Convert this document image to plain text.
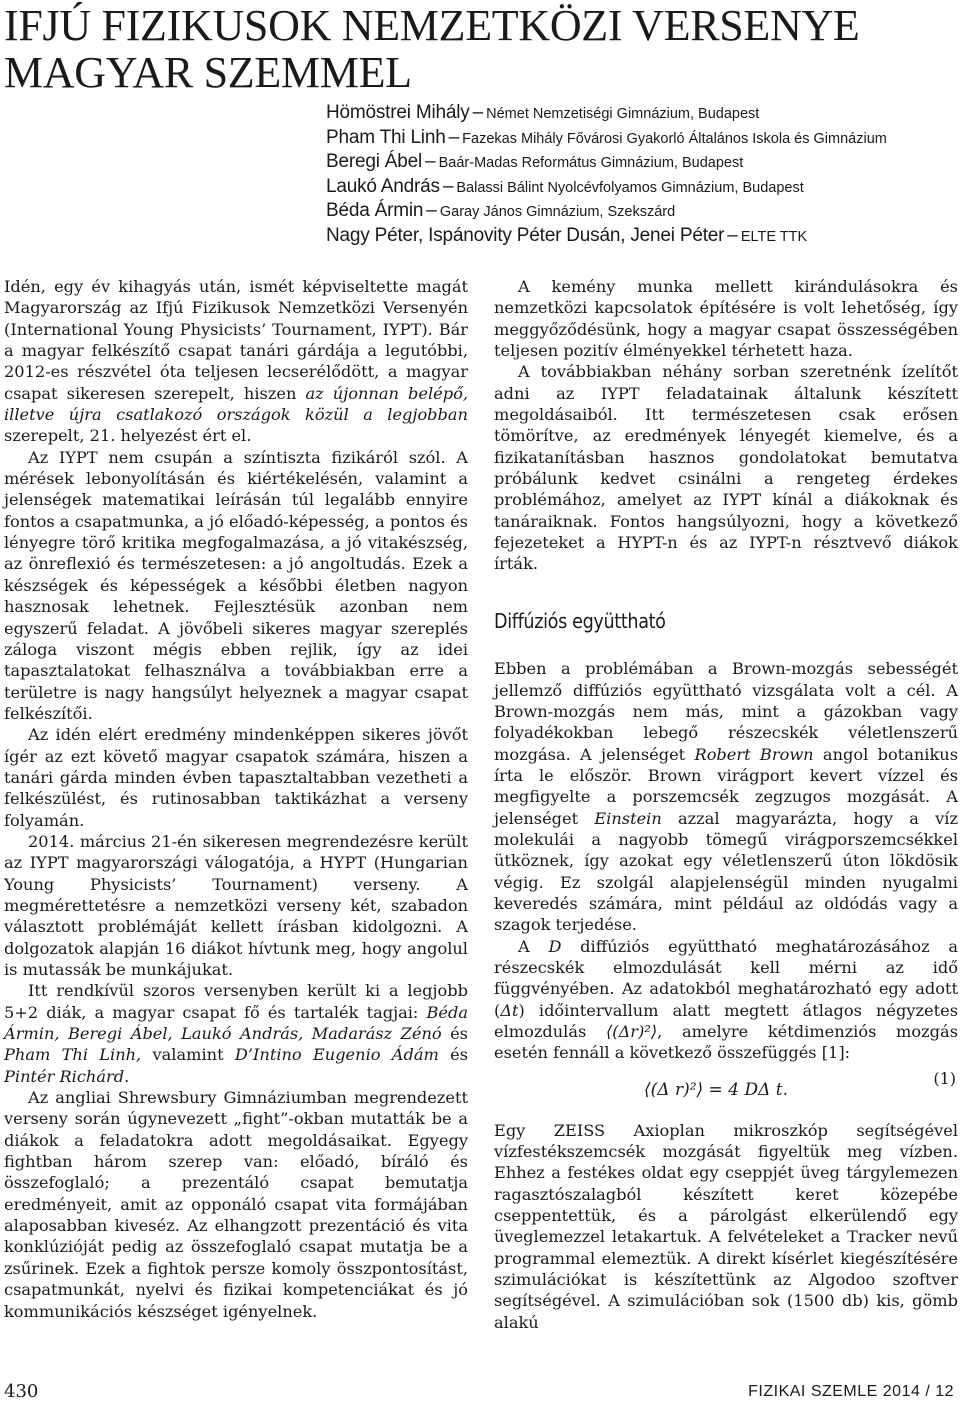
IFJÚ FIZIKUSOK NEMZETKÖZI VERSENYE
MAGYAR SZEMMEL
Hömöstrei Mihály – Német Nemzetiségi Gimnázium, Budapest
Pham Thi Linh – Fazekas Mihály Fővárosi Gyakorló Általános Iskola és Gimnázium
Beregi Ábel – Baár-Madas Református Gimnázium, Budapest
Laukó András – Balassi Bálint Nyolcévfolyamos Gimnázium, Budapest
Béda Ármin – Garay János Gimnázium, Szekszárd
Nagy Péter, Ispánovity Péter Dusán, Jenei Péter – ELTE TTK

Idén, egy év kihagyás után, ismét képviseltette magát Magyarország az Ifjú Fizikusok Nemzetközi Versenyén (International Young Physicists’ Tournament, IYPT). Bár a magyar felkészítő csapat tanári gárdája a legutóbbi, 2012-es részvétel óta teljesen lecserélődött, a magyar csapat sikeresen szerepelt, hiszen az újonnan belépő, illetve újra csatlakozó országok közül a legjobban szerepelt, 21. helyezést ért el.

Az IYPT nem csupán a színtiszta fizikáról szól. A mérések lebonyolításán és kiértékelésén, valamint a jelenségek matematikai leírásán túl legalább ennyire fontos a csapatmunka, a jó előadó-képesség, a pontos és lényegre törő kritika megfogalmazása, a jó vitakészség, az önreflexió és természetesen: a jó angoltudás. Ezek a készségek és képességek a későbbi életben nagyon hasznosak lehetnek. Fejlesztésük azonban nem egyszerű feladat. A jövőbeli sikeres magyar szereplés záloga viszont mégis ebben rejlik, így az idei tapasztalatokat felhasználva a továbbiakban erre a területre is nagy hangsúlyt helyeznek a magyar csapat felkészítői.

Az idén elért eredmény mindenképpen sikeres jövőt ígér az ezt követő magyar csapatok számára, hiszen a tanári gárda minden évben tapasztaltabban vezetheti a felkészülést, és rutinosabban taktikázhat a verseny folyamán.

2014. március 21-én sikeresen megrendezésre került az IYPT magyarországi válogatója, a HYPT (Hungarian Young Physicists’ Tournament) verseny. A megmérettetésre a nemzetközi verseny két, szabadon választott problémáját kellett írásban kidolgozni. A dolgozatok alapján 16 diákot hívtunk meg, hogy angolul is mutassák be munkájukat.

Itt rendkívül szoros versenyben került ki a legjobb 5+2 diák, a magyar csapat fő és tartalék tagjai: Béda Ármin, Beregi Ábel, Laukó András, Madarász Zénó és Pham Thi Linh, valamint D’Intino Eugenio Ádám és Pintér Richárd.

Az angliai Shrewsbury Gimnáziumban megrendezett verseny során úgynevezett „fight”-okban mutatták be a diákok a feladatokra adott megoldásaikat. Egyegy fightban három szerep van: előadó, bíráló és összefoglaló; a prezentáló csapat bemutatja eredményeit, amit az opponáló csapat vita formájában alaposabban kiveséz. Az elhangzott prezentáció és vita konklúzióját pedig az összefoglaló csapat mutatja be a zsűrinek. Ezek a fightok persze komoly összpontosítást, csapatmunkát, nyelvi és fizikai kompetenciákat és jó kommunikációs készséget igényelnek.

A kemény munka mellett kirándulásokra és nemzetközi kapcsolatok építésére is volt lehetőség, így meggyőződésünk, hogy a magyar csapat összességében teljesen pozitív élményekkel térhetett haza.

A továbbiakban néhány sorban szeretnénk ízelítőt adni az IYPT feladatainak általunk készített megoldásaiból. Itt természetesen csak erősen tömörítve, az eredmények lényegét kiemelve, és a fizikatanításban hasznos gondolatokat bemutatva próbálunk kedvet csinálni a rengeteg érdekes problémához, amelyet az IYPT kínál a diákoknak és tanáraiknak. Fontos hangsúlyozni, hogy a következő fejezeteket a HYPT-n és az IYPT-n résztvevő diákok írták.

Diffúziós együttható

Ebben a problémában a Brown-mozgás sebességét jellemző diffúziós együttható vizsgálata volt a cél. A Brown-mozgás nem más, mint a gázokban vagy folyadékokban lebegő részecskék véletlenszerű mozgása. A jelenséget Robert Brown angol botanikus írta le először. Brown virágport kevert vízzel és megfigyelte a porszemcsék zegzugos mozgását. A jelenséget Einstein azzal magyarázta, hogy a víz molekulái a nagyobb tömegű virágporszemcsékkel ütköznek, így azokat egy véletlenszerű úton lökdösik végig. Ez szolgál alapjelenségül minden nyugalmi keveredés számára, mint például az oldódás vagy a szagok terjedése.

A D diffúziós együttható meghatározásához a részecskék elmozdulását kell mérni az idő függvényében. Az adatokból meghatározható egy adott (Δt) időintervallum alatt megtett átlagos négyzetes elmozdulás ⟨(Δr)²⟩, amelyre kétdimenziós mozgás esetén fennáll a következő összefüggés [1]:

⟨(Δ r)²⟩ = 4 DΔ t.
(1)

Egy ZEISS Axioplan mikroszkóp segítségével vízfestékszemcsék mozgását figyeltük meg vízben. Ehhez a festékes oldat egy cseppjét üveg tárgylemezen ragasztószalagból készített keret közepébe cseppentettük, és a párolgást elkerülendő egy üveglemezzel letakartuk. A felvételeket a Tracker nevű programmal elemeztük. A direkt kísérlet kiegészítésére szimulációkat is készítettünk az Algodoo szoftver segítségével. A szimulációban sok (1500 db) kis, gömb alakú

430	FIZIKAI SZEMLE 2014 / 12
